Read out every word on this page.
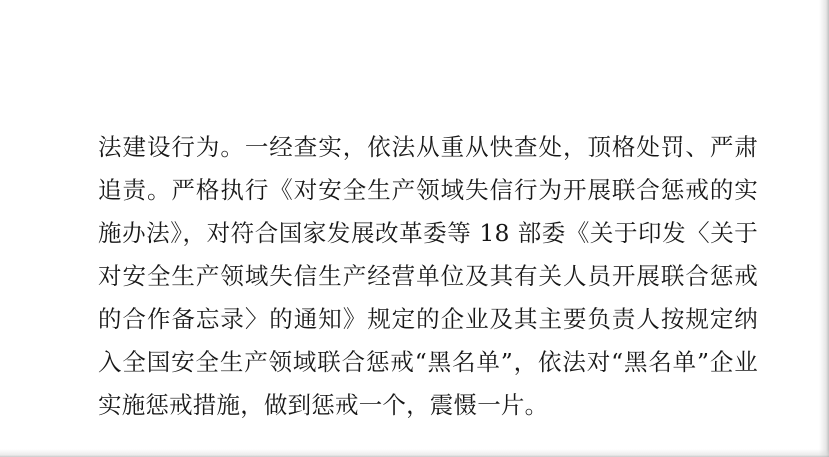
法建设行为。一经查实，依法从重从快查处，顶格处罚、严肃追责。严格执行《对安全生产领域失信行为开展联合惩戒的实施办法》，对符合国家发展改革委等 18 部委《关于印发〈关于对安全生产领域失信生产经营单位及其有关人员开展联合惩戒的合作备忘录〉的通知》规定的企业及其主要负责人按规定纳入全国安全生产领域联合惩戒“黑名单”，依法对“黑名单”企业实施惩戒措施，做到惩戒一个，震慑一片。
